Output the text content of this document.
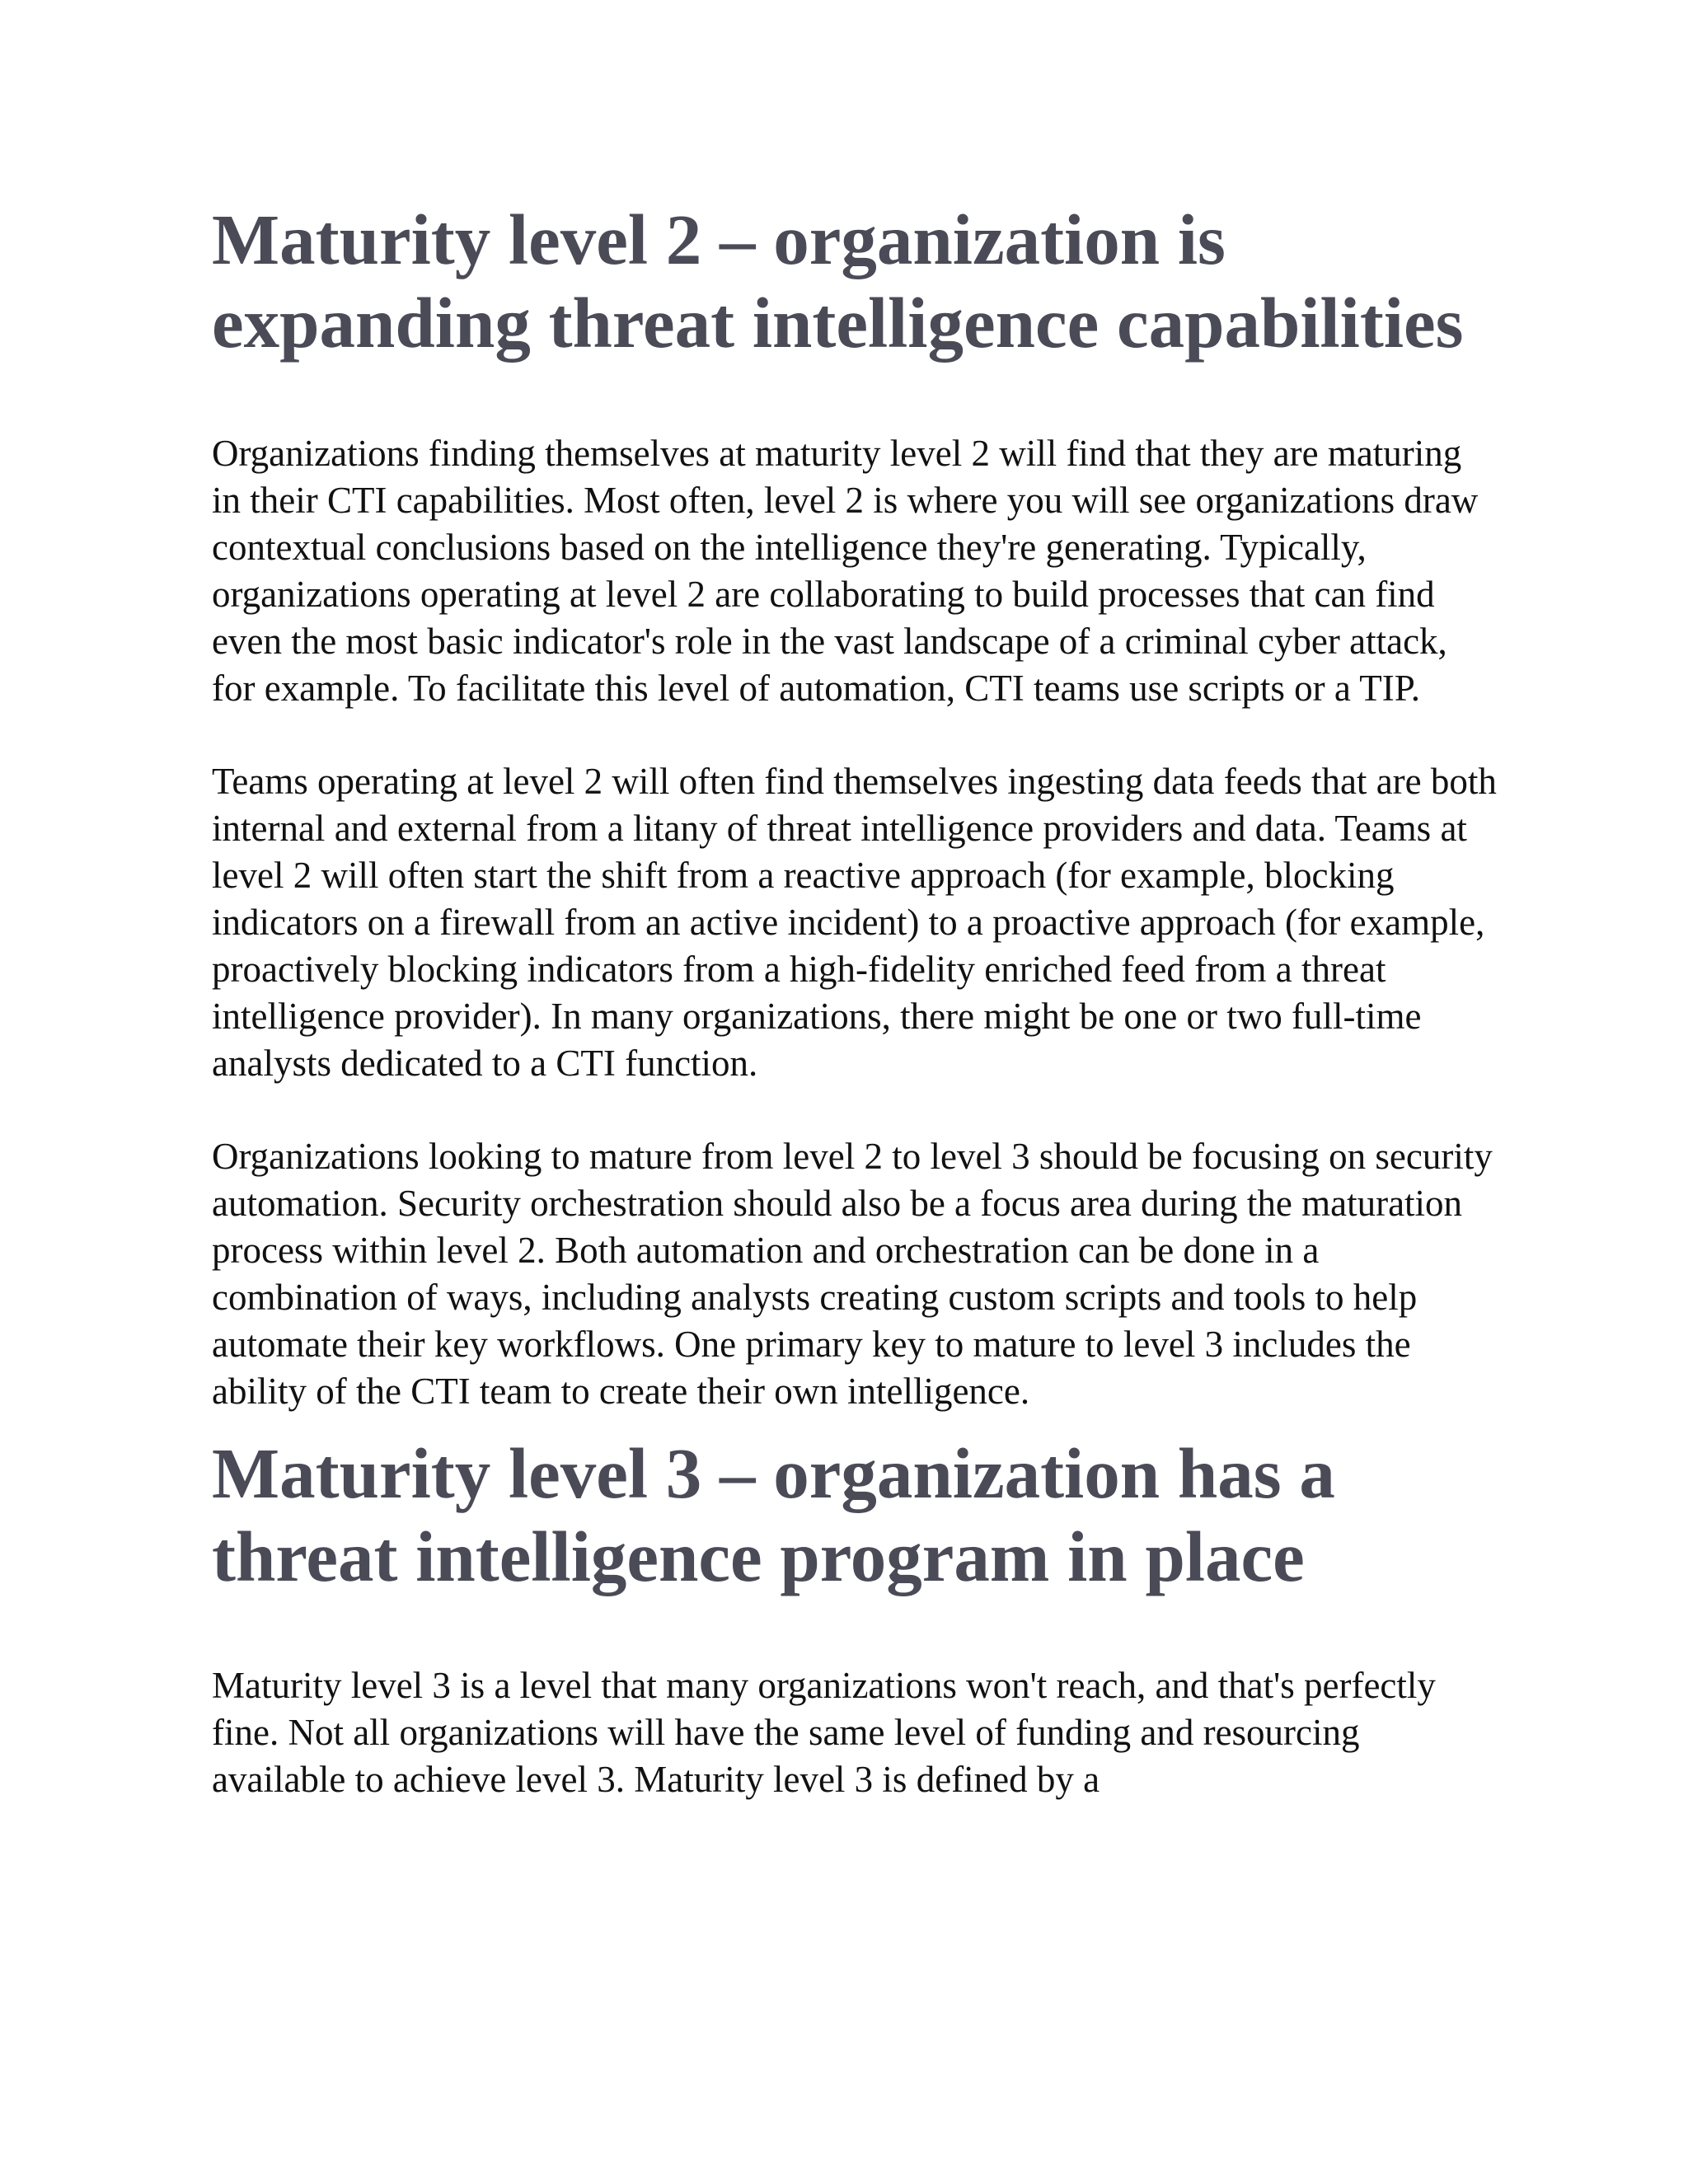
Maturity level 2 – organization is expanding threat intelligence capabilities

Organizations finding themselves at maturity level 2 will find that they are maturing in their CTI capabilities. Most often, level 2 is where you will see organizations draw contextual conclusions based on the intelligence they're generating. Typically, organizations operating at level 2 are collaborating to build processes that can find even the most basic indicator's role in the vast landscape of a criminal cyber attack, for example. To facilitate this level of automation, CTI teams use scripts or a TIP.

Teams operating at level 2 will often find themselves ingesting data feeds that are both internal and external from a litany of threat intelligence providers and data. Teams at level 2 will often start the shift from a reactive approach (for example, blocking indicators on a firewall from an active incident) to a proactive approach (for example, proactively blocking indicators from a high-fidelity enriched feed from a threat intelligence provider). In many organizations, there might be one or two full-time analysts dedicated to a CTI function.

Organizations looking to mature from level 2 to level 3 should be focusing on security automation. Security orchestration should also be a focus area during the maturation process within level 2. Both automation and orchestration can be done in a combination of ways, including analysts creating custom scripts and tools to help automate their key workflows. One primary key to mature to level 3 includes the ability of the CTI team to create their own intelligence.

Maturity level 3 – organization has a threat intelligence program in place

Maturity level 3 is a level that many organizations won't reach, and that's perfectly fine. Not all organizations will have the same level of funding and resourcing available to achieve level 3. Maturity level 3 is defined by a
